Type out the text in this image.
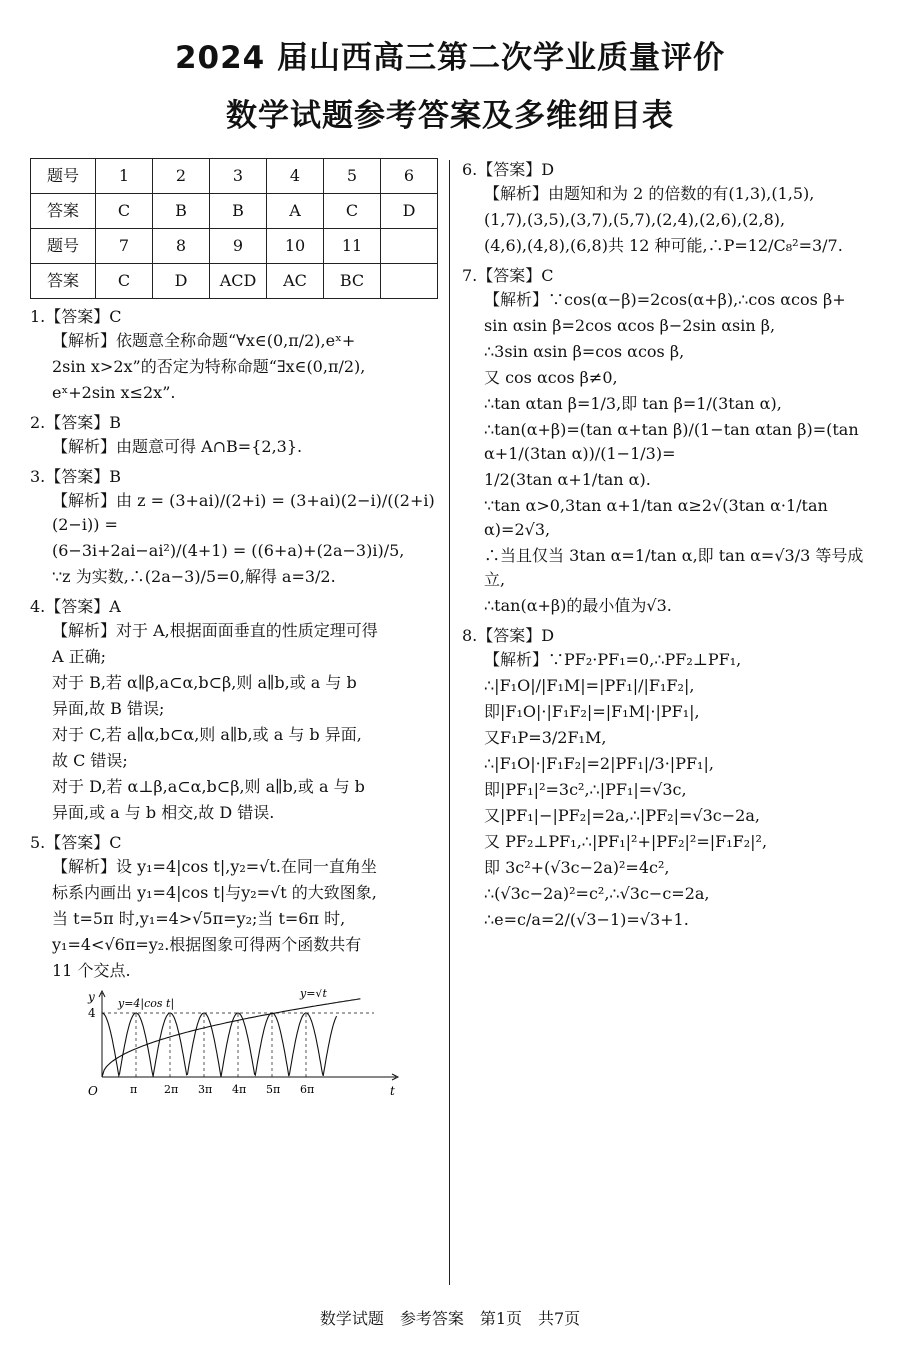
2024 届山西高三第二次学业质量评价
数学试题参考答案及多维细目表
题号	1	2	3	4	5	6
答案	C	B	B	A	C	D
题号	7	8	9	10	11	
答案	C	D	ACD	AC	BC	
1.【答案】C
【解析】依题意全称命题“∀x∈(0,π/2),eˣ+
2sin x>2x”的否定为特称命题“∃x∈(0,π/2),
eˣ+2sin x≤2x”.
2.【答案】B
【解析】由题意可得 A∩B={2,3}.
3.【答案】B
【解析】由 z = (3+ai)/(2+i) = (3+ai)(2−i)/((2+i)(2−i)) =
(6−3i+2ai−ai²)/(4+1) = ((6+a)+(2a−3)i)/5,
∵z 为实数,∴(2a−3)/5=0,解得 a=3/2.
4.【答案】A
【解析】对于 A,根据面面垂直的性质定理可得
A 正确;
对于 B,若 α∥β,a⊂α,b⊂β,则 a∥b,或 a 与 b
异面,故 B 错误;
对于 C,若 a∥α,b⊂α,则 a∥b,或 a 与 b 异面,
故 C 错误;
对于 D,若 α⊥β,a⊂α,b⊂β,则 a∥b,或 a 与 b
异面,或 a 与 b 相交,故 D 错误.
5.【答案】C
【解析】设 y₁=4|cos t|,y₂=√t.在同一直角坐
标系内画出 y₁=4|cos t|与y₂=√t 的大致图象,
当 t=5π 时,y₁=4>√5π=y₂;当 t=6π 时,
y₁=4<√6π=y₂.根据图象可得两个函数共有
11 个交点.
O
y
t
4
π 2π 3π 4π 5π 6π
y=4|cos t|
y=√t
6.【答案】D
【解析】由题知和为 2 的倍数的有(1,3),(1,5),
(1,7),(3,5),(3,7),(5,7),(2,4),(2,6),(2,8),
(4,6),(4,8),(6,8)共 12 种可能,∴P=12/C₈²=3/7.
7.【答案】C
【解析】∵cos(α−β)=2cos(α+β),∴cos αcos β+
sin αsin β=2cos αcos β−2sin αsin β,
∴3sin αsin β=cos αcos β,
又 cos αcos β≠0,
∴tan αtan β=1/3,即 tan β=1/(3tan α),
∴tan(α+β)=(tan α+tan β)/(1−tan αtan β)=(tan α+1/(3tan α))/(1−1/3)=
1/2(3tan α+1/tan α).
∵tan α>0,3tan α+1/tan α≥2√(3tan α·1/tan α)=2√3,
∴当且仅当 3tan α=1/tan α,即 tan α=√3/3 等号成立,
∴tan(α+β)的最小值为√3.
8.【答案】D
【解析】∵PF₂·PF₁=0,∴PF₂⊥PF₁,
∴|F₁O|/|F₁M|=|PF₁|/|F₁F₂|,
即|F₁O|·|F₁F₂|=|F₁M|·|PF₁|,
又F₁P=3/2F₁M,
∴|F₁O|·|F₁F₂|=2|PF₁|/3·|PF₁|,
即|PF₁|²=3c²,∴|PF₁|=√3c,
又|PF₁|−|PF₂|=2a,∴|PF₂|=√3c−2a,
又 PF₂⊥PF₁,∴|PF₁|²+|PF₂|²=|F₁F₂|²,
即 3c²+(√3c−2a)²=4c²,
∴(√3c−2a)²=c²,∴√3c−c=2a,
∴e=c/a=2/(√3−1)=√3+1.
数学试题　参考答案　第1页　共7页
